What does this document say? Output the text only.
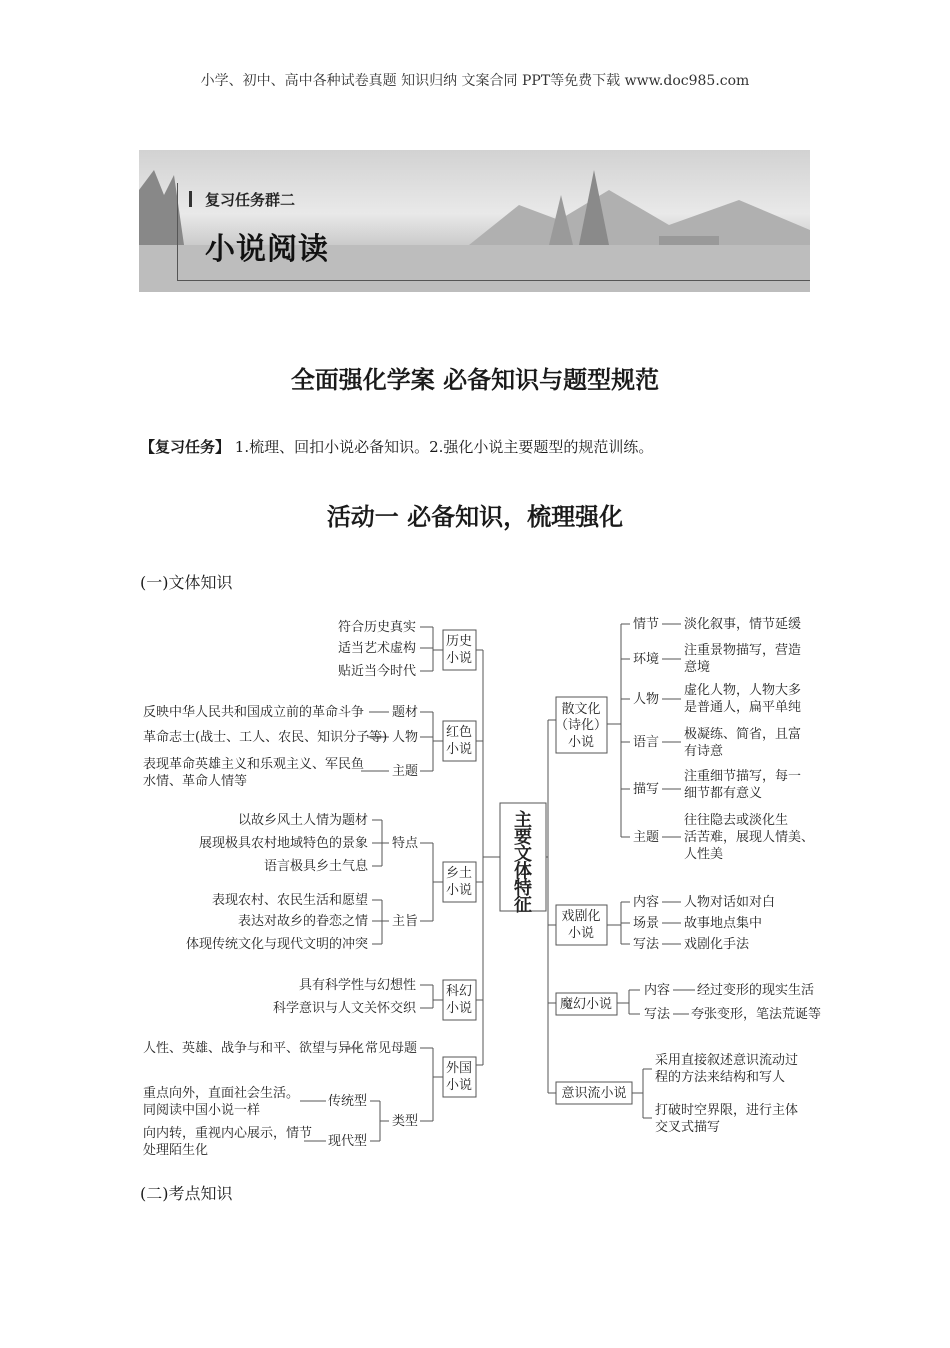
小学、初中、高中各种试卷真题 知识归纳 文案合同 PPT等免费下载 www.doc985.com
复习任务群二
小说阅读
全面强化学案 必备知识与题型规范
【复习任务】 1.梳理、回扣小说必备知识。2.强化小说主要题型的规范训练。
活动一 必备知识，梳理强化
(一)文体知识
主
要
文
体
特
征
历史
小说
符合历史真实
适当艺术虚构
贴近当今时代
红色
小说
题材
人物
主题
反映中华人民共和国成立前的革命斗争
革命志士(战士、工人、农民、知识分子等)
表现革命英雄主义和乐观主义、军民鱼
水情、革命人情等
乡土
小说
特点
主旨
以故乡风土人情为题材
展现极具农村地域特色的景象
语言极具乡土气息
表现农村、农民生活和愿望
表达对故乡的眷恋之情
体现传统文化与现代文明的冲突
科幻
小说
具有科学性与幻想性
科学意识与人文关怀交织
外国
小说
人性、英雄、战争与和平、欲望与异化 常见母题
类型
重点向外，直面社会生活。
同阅读中国小说一样
传统型
向内转，重视内心展示，情节
处理陌生化
现代型
散文化
（诗化）
小说
情节
环境
人物
语言
描写
主题
淡化叙事，情节延缓
注重景物描写，营造
意境
虚化人物，人物大多
是普通人，扁平单纯
极凝练、简省，且富
有诗意
注重细节描写，每一
细节都有意义
往往隐去或淡化生
活苦难，展现人情美、
人性美
戏剧化
小说
内容
场景
写法
人物对话如对白
故事地点集中
戏剧化手法
魔幻小说
内容
写法
经过变形的现实生活
夸张变形，笔法荒诞等
意识流小说
采用直接叙述意识流动过
程的方法来结构和写人
打破时空界限，进行主体
交叉式描写
(二)考点知识
